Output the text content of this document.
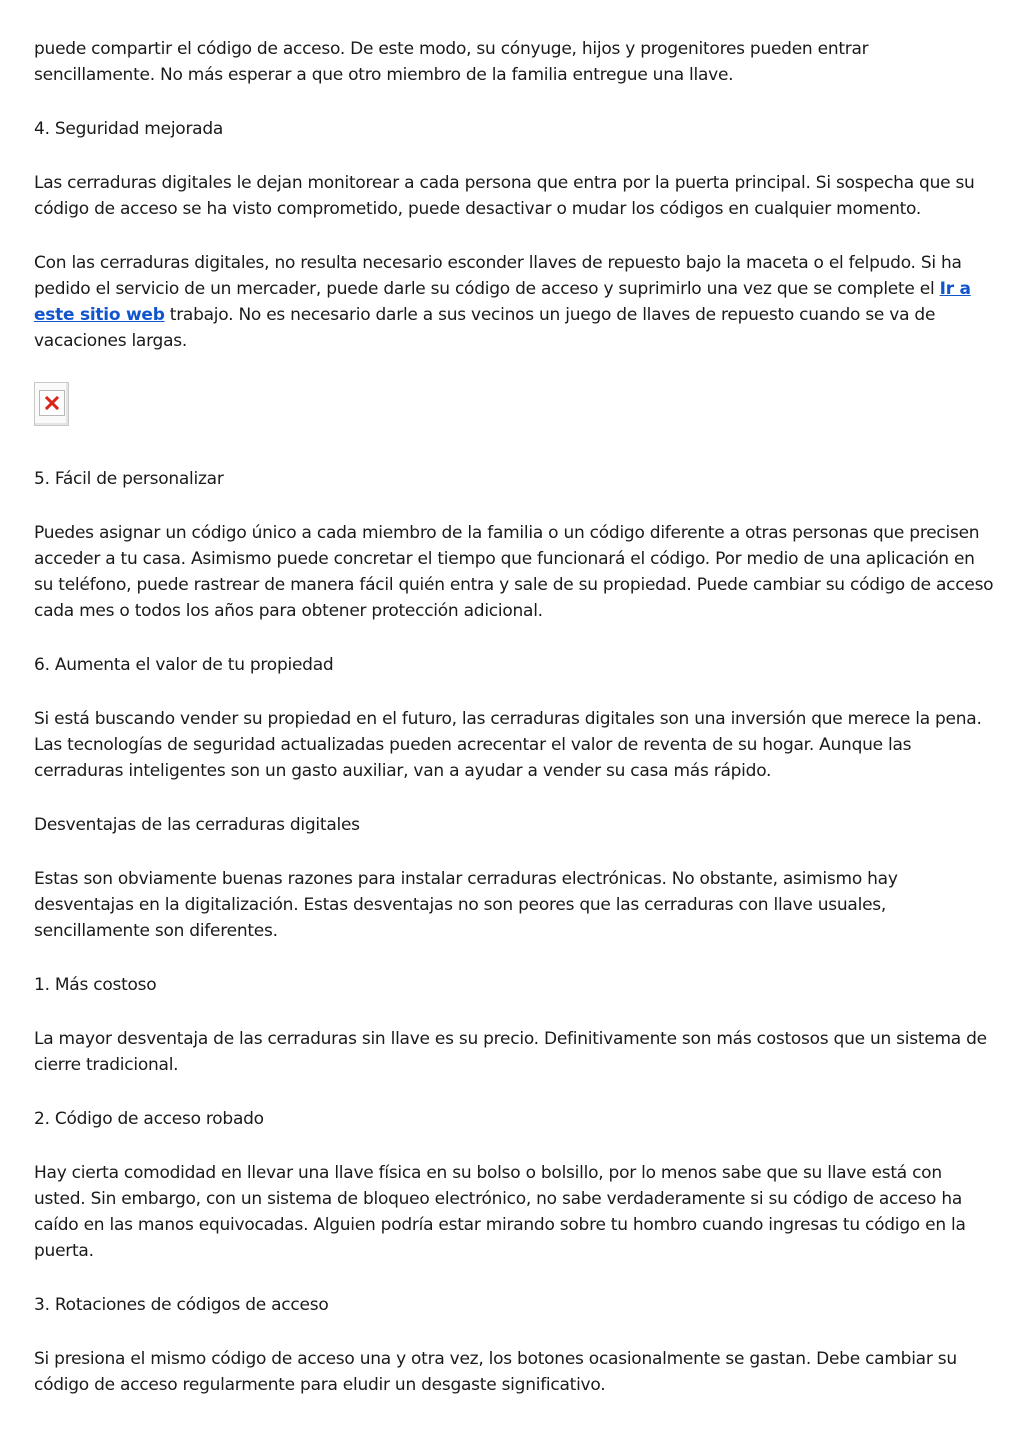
puede compartir el código de acceso. De este modo, su cónyuge, hijos y progenitores pueden entrar sencillamente. No más esperar a que otro miembro de la familia entregue una llave.

4. Seguridad mejorada

Las cerraduras digitales le dejan monitorear a cada persona que entra por la puerta principal. Si sospecha que su código de acceso se ha visto comprometido, puede desactivar o mudar los códigos en cualquier momento.

Con las cerraduras digitales, no resulta necesario esconder llaves de repuesto bajo la maceta o el felpudo. Si ha pedido el servicio de un mercader, puede darle su código de acceso y suprimirlo una vez que se complete el Ir a este sitio web trabajo. No es necesario darle a sus vecinos un juego de llaves de repuesto cuando se va de vacaciones largas.

5. Fácil de personalizar

Puedes asignar un código único a cada miembro de la familia o un código diferente a otras personas que precisen acceder a tu casa. Asimismo puede concretar el tiempo que funcionará el código. Por medio de una aplicación en su teléfono, puede rastrear de manera fácil quién entra y sale de su propiedad. Puede cambiar su código de acceso cada mes o todos los años para obtener protección adicional.

6. Aumenta el valor de tu propiedad

Si está buscando vender su propiedad en el futuro, las cerraduras digitales son una inversión que merece la pena. Las tecnologías de seguridad actualizadas pueden acrecentar el valor de reventa de su hogar. Aunque las cerraduras inteligentes son un gasto auxiliar, van a ayudar a vender su casa más rápido.

Desventajas de las cerraduras digitales

Estas son obviamente buenas razones para instalar cerraduras electrónicas. No obstante, asimismo hay desventajas en la digitalización. Estas desventajas no son peores que las cerraduras con llave usuales, sencillamente son diferentes.

1. Más costoso

La mayor desventaja de las cerraduras sin llave es su precio. Definitivamente son más costosos que un sistema de cierre tradicional.

2. Código de acceso robado

Hay cierta comodidad en llevar una llave física en su bolso o bolsillo, por lo menos sabe que su llave está con usted. Sin embargo, con un sistema de bloqueo electrónico, no sabe verdaderamente si su código de acceso ha caído en las manos equivocadas. Alguien podría estar mirando sobre tu hombro cuando ingresas tu código en la puerta.

3. Rotaciones de códigos de acceso

Si presiona el mismo código de acceso una y otra vez, los botones ocasionalmente se gastan. Debe cambiar su código de acceso regularmente para eludir un desgaste significativo.
